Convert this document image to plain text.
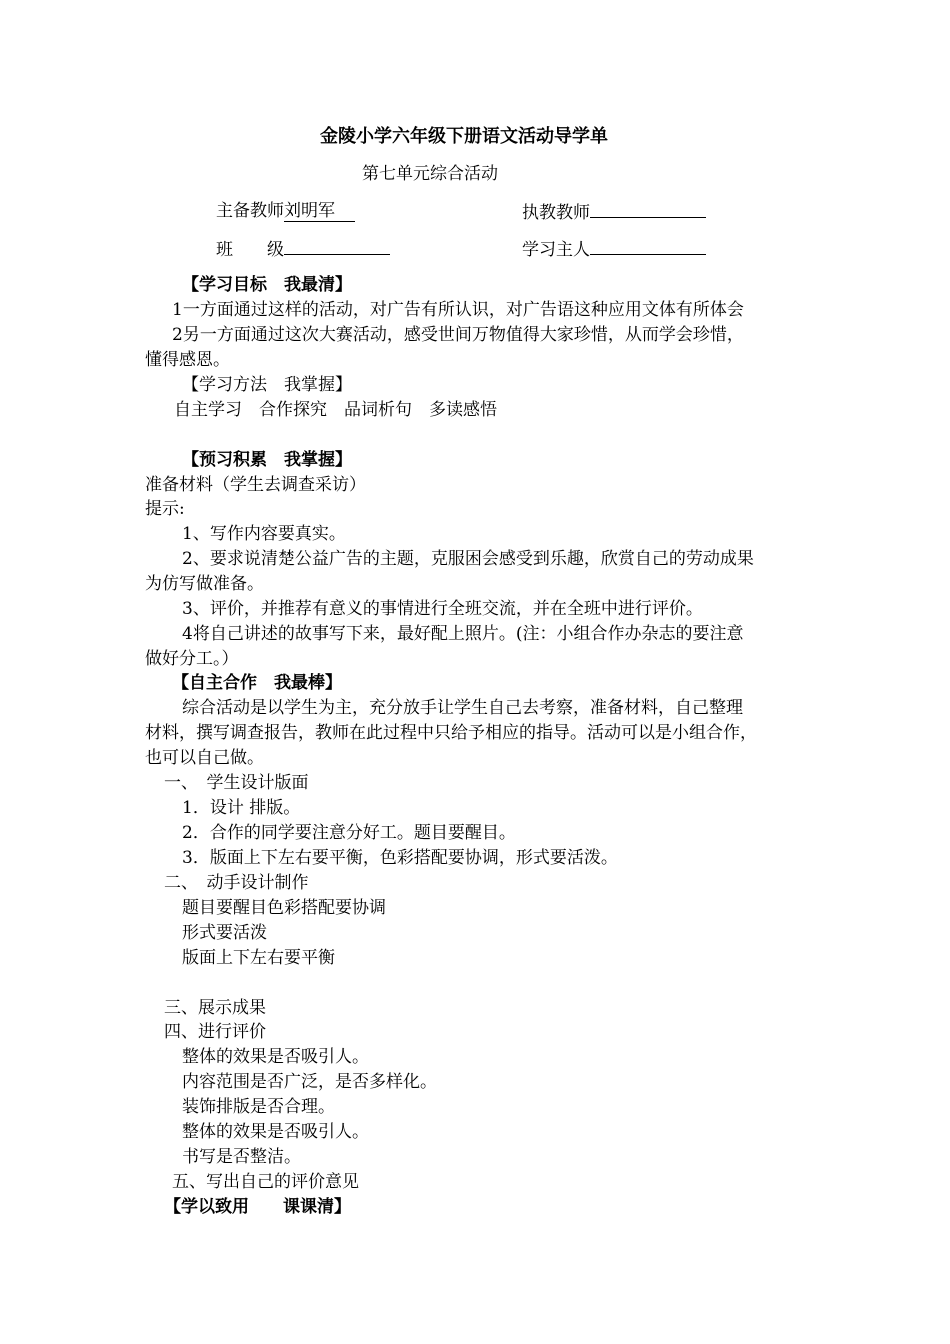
金陵小学六年级下册语文活动导学单
第七单元综合活动
主备教师刘明军	执教教师
班　　级	学习主人
【学习目标　我最清】
1一方面通过这样的活动，对广告有所认识，对广告语这种应用文体有所体会
2另一方面通过这次大赛活动，感受世间万物值得大家珍惜，从而学会珍惜，
懂得感恩。
【学习方法　我掌握】
自主学习　合作探究　品词析句　多读感悟
【预习积累　我掌握】
准备材料（学生去调查采访）
提示:
1、写作内容要真实。
2、要求说清楚公益广告的主题，克服困会感受到乐趣，欣赏自己的劳动成果
为仿写做准备。
3、评价，并推荐有意义的事情进行全班交流，并在全班中进行评价。
4将自己讲述的故事写下来，最好配上照片。(注：小组合作办杂志的要注意
做好分工。）
【自主合作　我最棒】
综合活动是以学生为主，充分放手让学生自己去考察，准备材料，自己整理
材料，撰写调查报告，教师在此过程中只给予相应的指导。活动可以是小组合作，
也可以自己做。
一、　学生设计版面
1．设计 排版。
2．合作的同学要注意分好工。题目要醒目。
3．版面上下左右要平衡，色彩搭配要协调，形式要活泼。
二、　动手设计制作
题目要醒目色彩搭配要协调
形式要活泼
版面上下左右要平衡
三、展示成果
四、进行评价
整体的效果是否吸引人。
内容范围是否广泛，是否多样化。
装饰排版是否合理。
整体的效果是否吸引人。
书写是否整洁。
五、写出自己的评价意见
【学以致用　　课课清】
